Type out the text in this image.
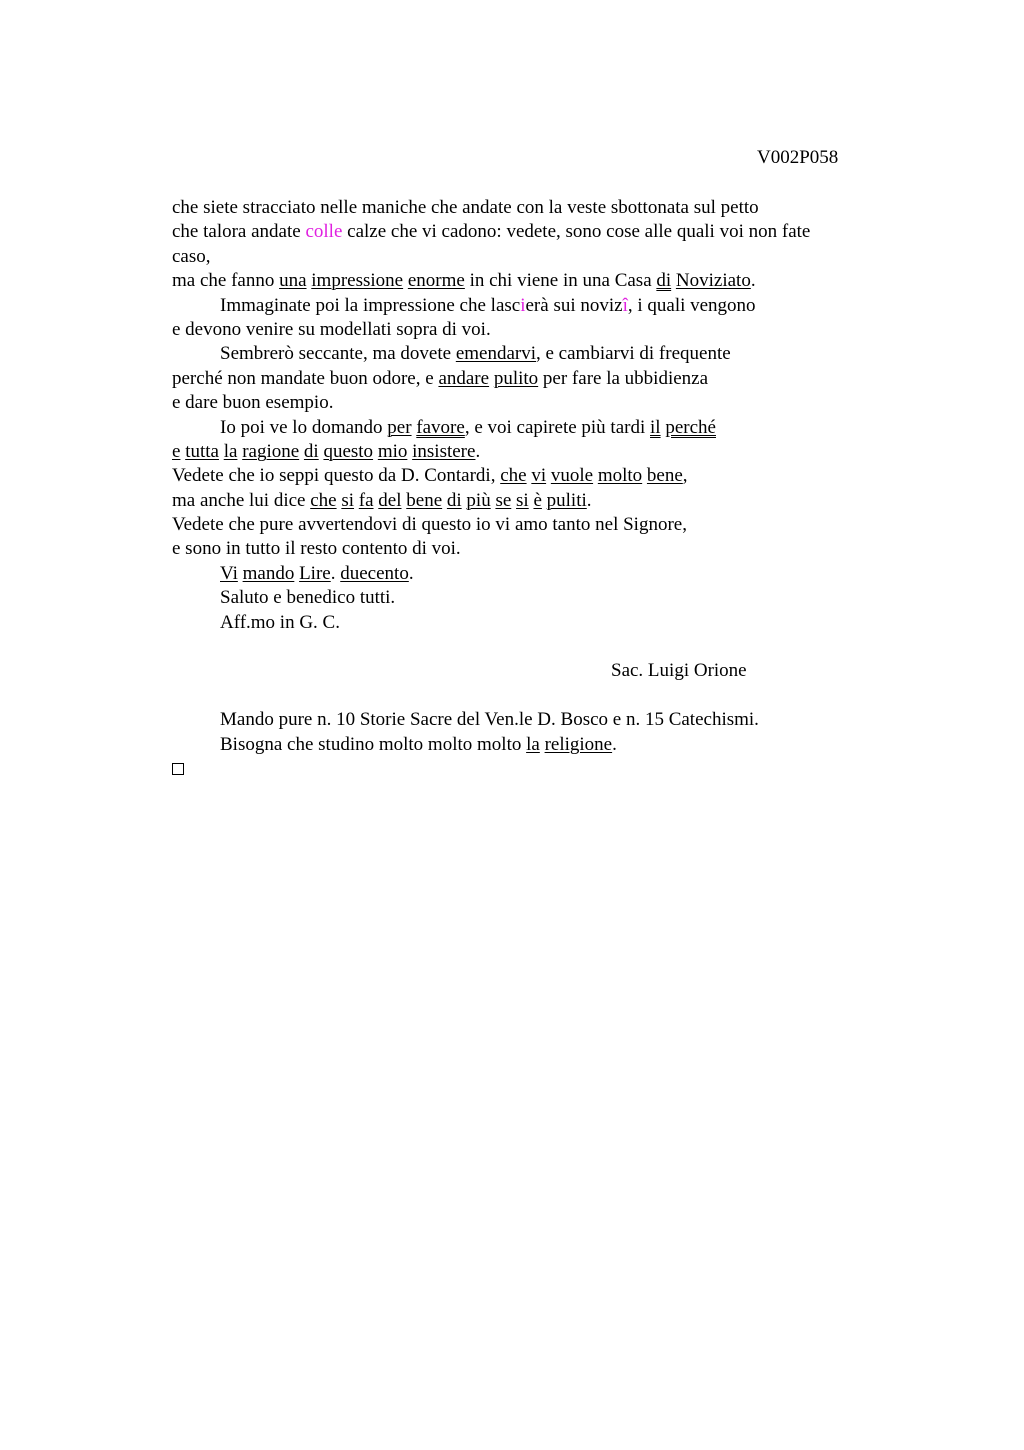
V002P058
che siete stracciato nelle maniche che andate con la veste sbottonata sul petto
che talora andate colle calze che vi cadono: vedete, sono cose alle quali voi non fate
caso,
ma che fanno una impressione enorme in chi viene in una Casa di Noviziato.
Immaginate poi la impressione che lascierà sui novizî, i quali vengono
e devono venire su modellati sopra di voi.
Sembrerò seccante, ma dovete emendarvi, e cambiarvi di frequente
perché non mandate buon odore, e andare pulito per fare la ubbidienza
e dare buon esempio.
Io poi ve lo domando per favore, e voi capirete più tardi il perché
e tutta la ragione di questo mio insistere.
Vedete che io seppi questo da D. Contardi, che vi vuole molto bene,
ma anche lui dice che si fa del bene di più se si è puliti.
Vedete che pure avvertendovi di questo io vi amo tanto nel Signore,
e sono in tutto il resto contento di voi.
Vi mando Lire. duecento.
Saluto e benedico tutti.
Aff.mo in G. C.
Sac. Luigi Orione
Mando pure n. 10 Storie Sacre del Ven.le D. Bosco e n. 15 Catechismi.
Bisogna che studino molto molto molto la religione.
